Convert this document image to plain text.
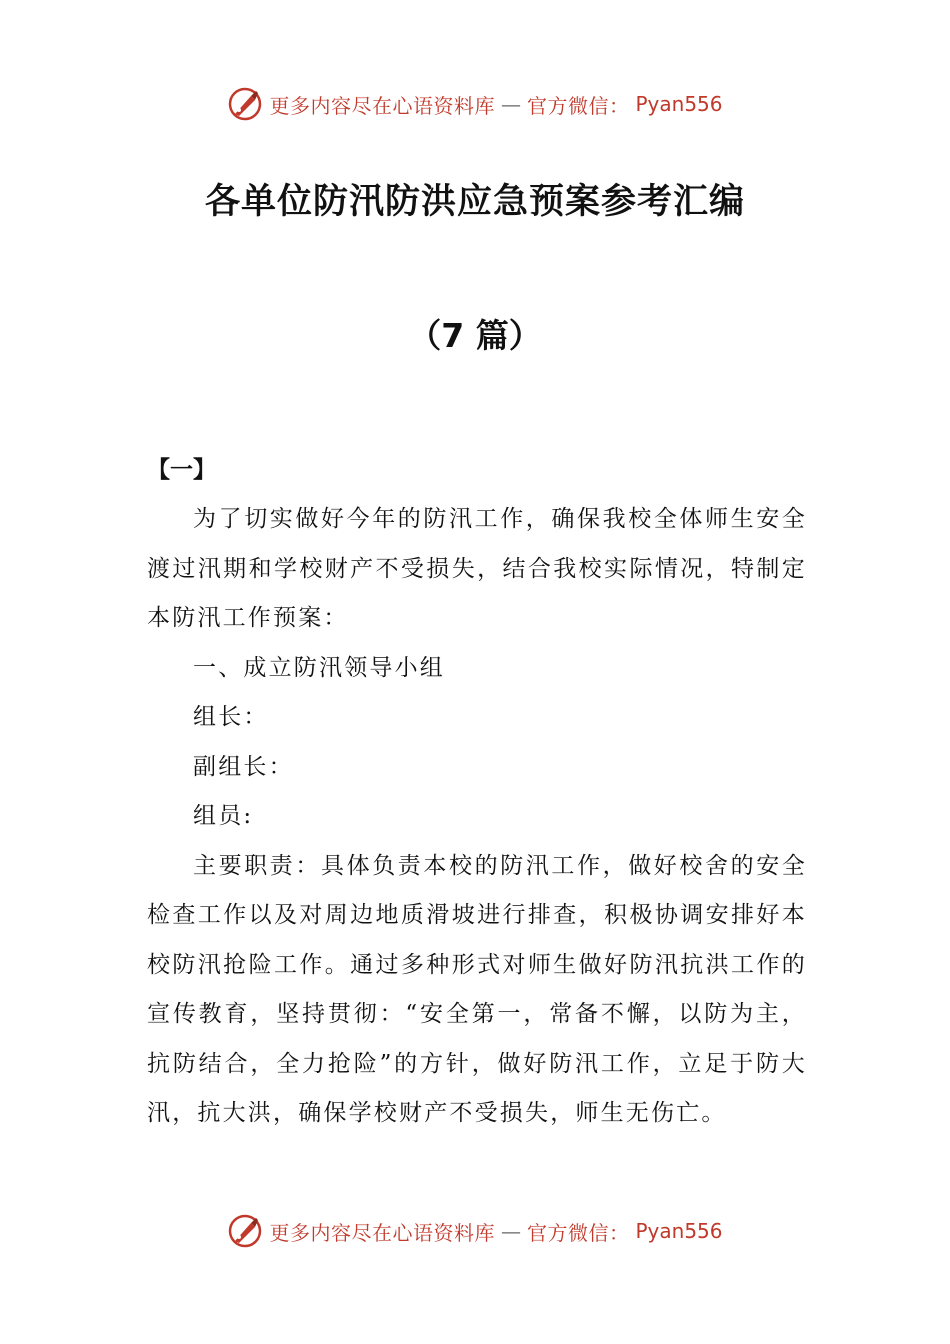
更多内容尽在心语资料库 — 官方微信： Pyan556
各单位防汛防洪应急预案参考汇编
（7 篇）
【一】

为了切实做好今年的防汛工作，确保我校全体师生安全渡过汛期和学校财产不受损失，结合我校实际情况，特制定本防汛工作预案：

一、成立防汛领导小组

组长：

副组长：

组员:

主要职责：具体负责本校的防汛工作，做好校舍的安全检查工作以及对周边地质滑坡进行排查，积极协调安排好本校防汛抢险工作。通过多种形式对师生做好防汛抗洪工作的宣传教育，坚持贯彻：“安全第一，常备不懈，以防为主，抗防结合，全力抢险”的方针，做好防汛工作，立足于防大汛，抗大洪，确保学校财产不受损失，师生无伤亡。

更多内容尽在心语资料库 — 官方微信： Pyan556
